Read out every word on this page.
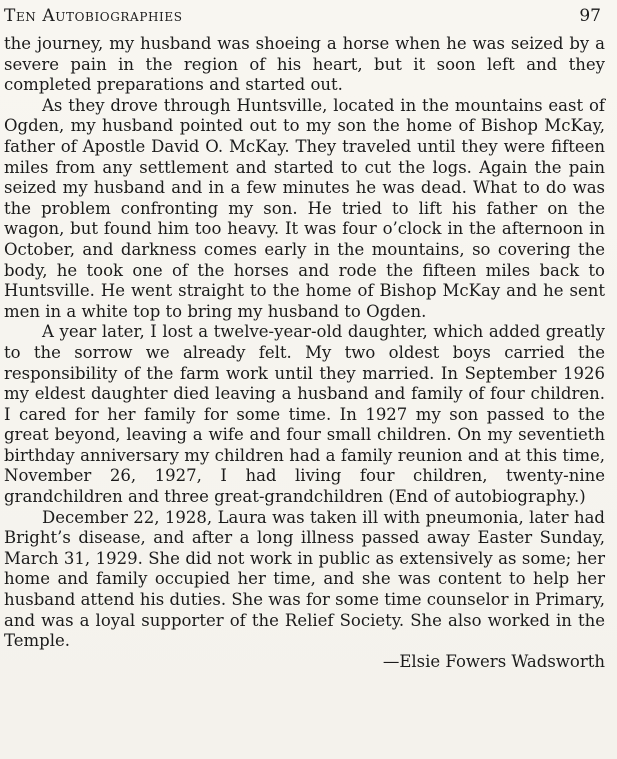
Ten Autobiographies	97

the journey, my husband was shoeing a horse when he was seized by a severe pain in the region of his heart, but it soon left and they completed preparations and started out.

As they drove through Huntsville, located in the mountains east of Ogden, my husband pointed out to my son the home of Bishop McKay, father of Apostle David O. McKay. They traveled until they were fifteen miles from any settlement and started to cut the logs. Again the pain seized my husband and in a few minutes he was dead. What to do was the problem confronting my son. He tried to lift his father on the wagon, but found him too heavy. It was four o’clock in the afternoon in October, and darkness comes early in the mountains, so covering the body, he took one of the horses and rode the fifteen miles back to Huntsville. He went straight to the home of Bishop McKay and he sent men in a white top to bring my husband to Ogden.

A year later, I lost a twelve-year-old daughter, which added greatly to the sorrow we already felt. My two oldest boys carried the responsibility of the farm work until they married. In September 1926 my eldest daughter died leaving a husband and family of four children. I cared for her family for some time. In 1927 my son passed to the great beyond, leaving a wife and four small children. On my seventieth birthday anniversary my children had a family reunion and at this time, November 26, 1927, I had living four children, twenty-nine grandchildren and three great-grandchildren (End of autobiography.)

December 22, 1928, Laura was taken ill with pneumonia, later had Bright’s disease, and after a long illness passed away Easter Sunday, March 31, 1929. She did not work in public as extensively as some; her home and family occupied her time, and she was content to help her husband attend his duties. She was for some time counselor in Primary, and was a loyal supporter of the Relief Society. She also worked in the Temple.

—Elsie Fowers Wadsworth
